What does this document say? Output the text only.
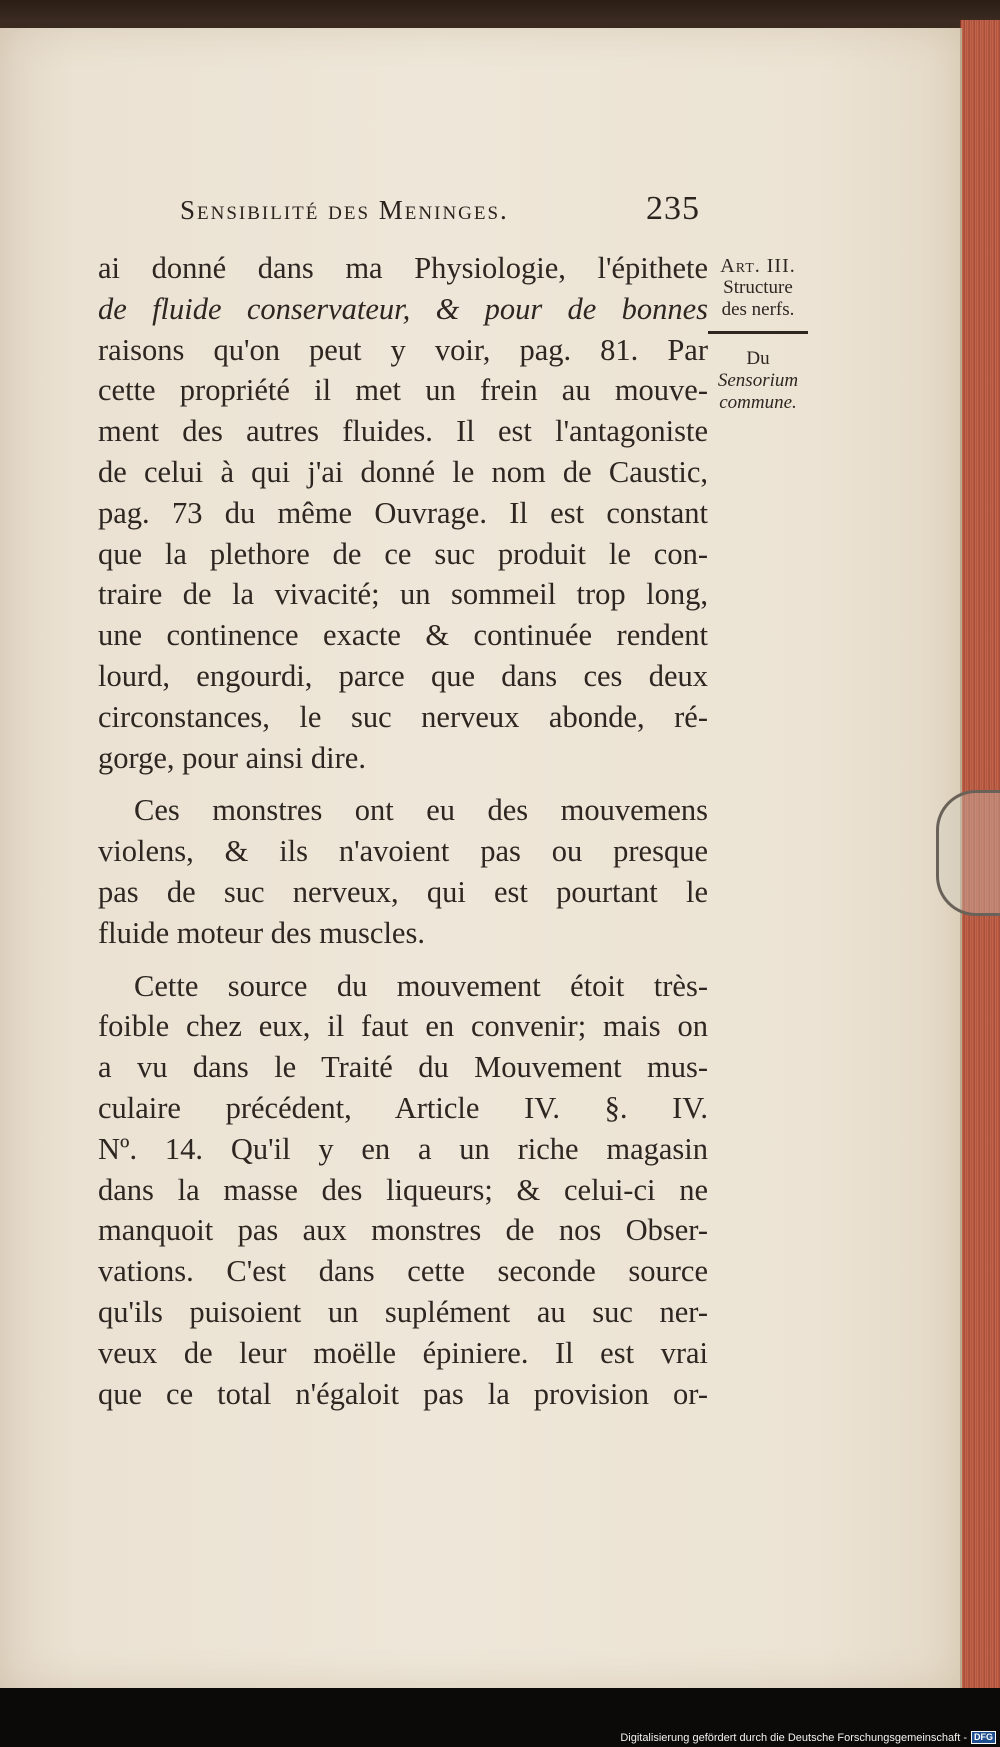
Sensibilité des Meninges.	235
ai donné dans ma Physiologie, l'épithete
de fluide conservateur, & pour de bonnes
raisons qu'on peut y voir, pag. 81. Par
cette propriété il met un frein au mouve-
ment des autres fluides. Il est l'antagoniste
de celui à qui j'ai donné le nom de Caustic,
pag. 73 du même Ouvrage. Il est constant
que la plethore de ce suc produit le con-
traire de la vivacité; un sommeil trop long,
une continence exacte & continuée rendent
lourd, engourdi, parce que dans ces deux
circonstances, le suc nerveux abonde, ré-
gorge, pour ainsi dire.
Ces monstres ont eu des mouvemens
violens, & ils n'avoient pas ou presque
pas de suc nerveux, qui est pourtant le
fluide moteur des muscles.
Cette source du mouvement étoit très-
foible chez eux, il faut en convenir; mais on
a vu dans le Traité du Mouvement mus-
culaire précédent, Article IV. §. IV.
Nº. 14. Qu'il y en a un riche magasin
dans la masse des liqueurs; & celui-ci ne
manquoit pas aux monstres de nos Obser-
vations. C'est dans cette seconde source
qu'ils puisoient un suplément au suc ner-
veux de leur moëlle épiniere. Il est vrai
que ce total n'égaloit pas la provision or-
Art. III.
Structure
des nerfs.
Du
Sensorium
commune.
Digitalisierung gefördert durch die Deutsche Forschungsgemeinschaft - DFG
